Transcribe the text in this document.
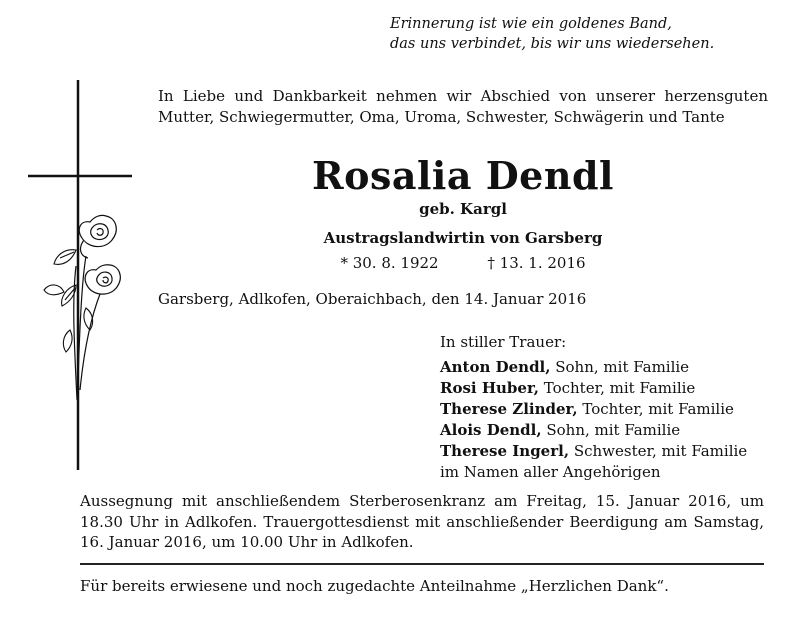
Erinnerung ist wie ein goldenes Band,
das uns verbindet, bis wir uns wiedersehen.
In Liebe und Dankbarkeit nehmen wir Abschied von unserer herzensguten Mutter, Schwiegermutter, Oma, Uroma, Schwester, Schwägerin und Tante
Rosalia Dendl
geb. Kargl
Austragslandwirtin von Garsberg
* 30. 8. 1922	† 13. 1. 2016
Garsberg, Adlkofen, Oberaichbach, den 14. Januar 2016
In stiller Trauer:
Anton Dendl, Sohn, mit Familie
Rosi Huber, Tochter, mit Familie
Therese Zlinder, Tochter, mit Familie
Alois Dendl, Sohn, mit Familie
Therese Ingerl, Schwester, mit Familie
im Namen aller Angehörigen
Aussegnung mit anschließendem Sterberosenkranz am Freitag, 15. Januar 2016, um 18.30 Uhr in Adlkofen. Trauergottesdienst mit anschließender Beerdigung am Samstag, 16. Januar 2016, um 10.00 Uhr in Adlkofen.
Für bereits erwiesene und noch zugedachte Anteilnahme „Herzlichen Dank“.
